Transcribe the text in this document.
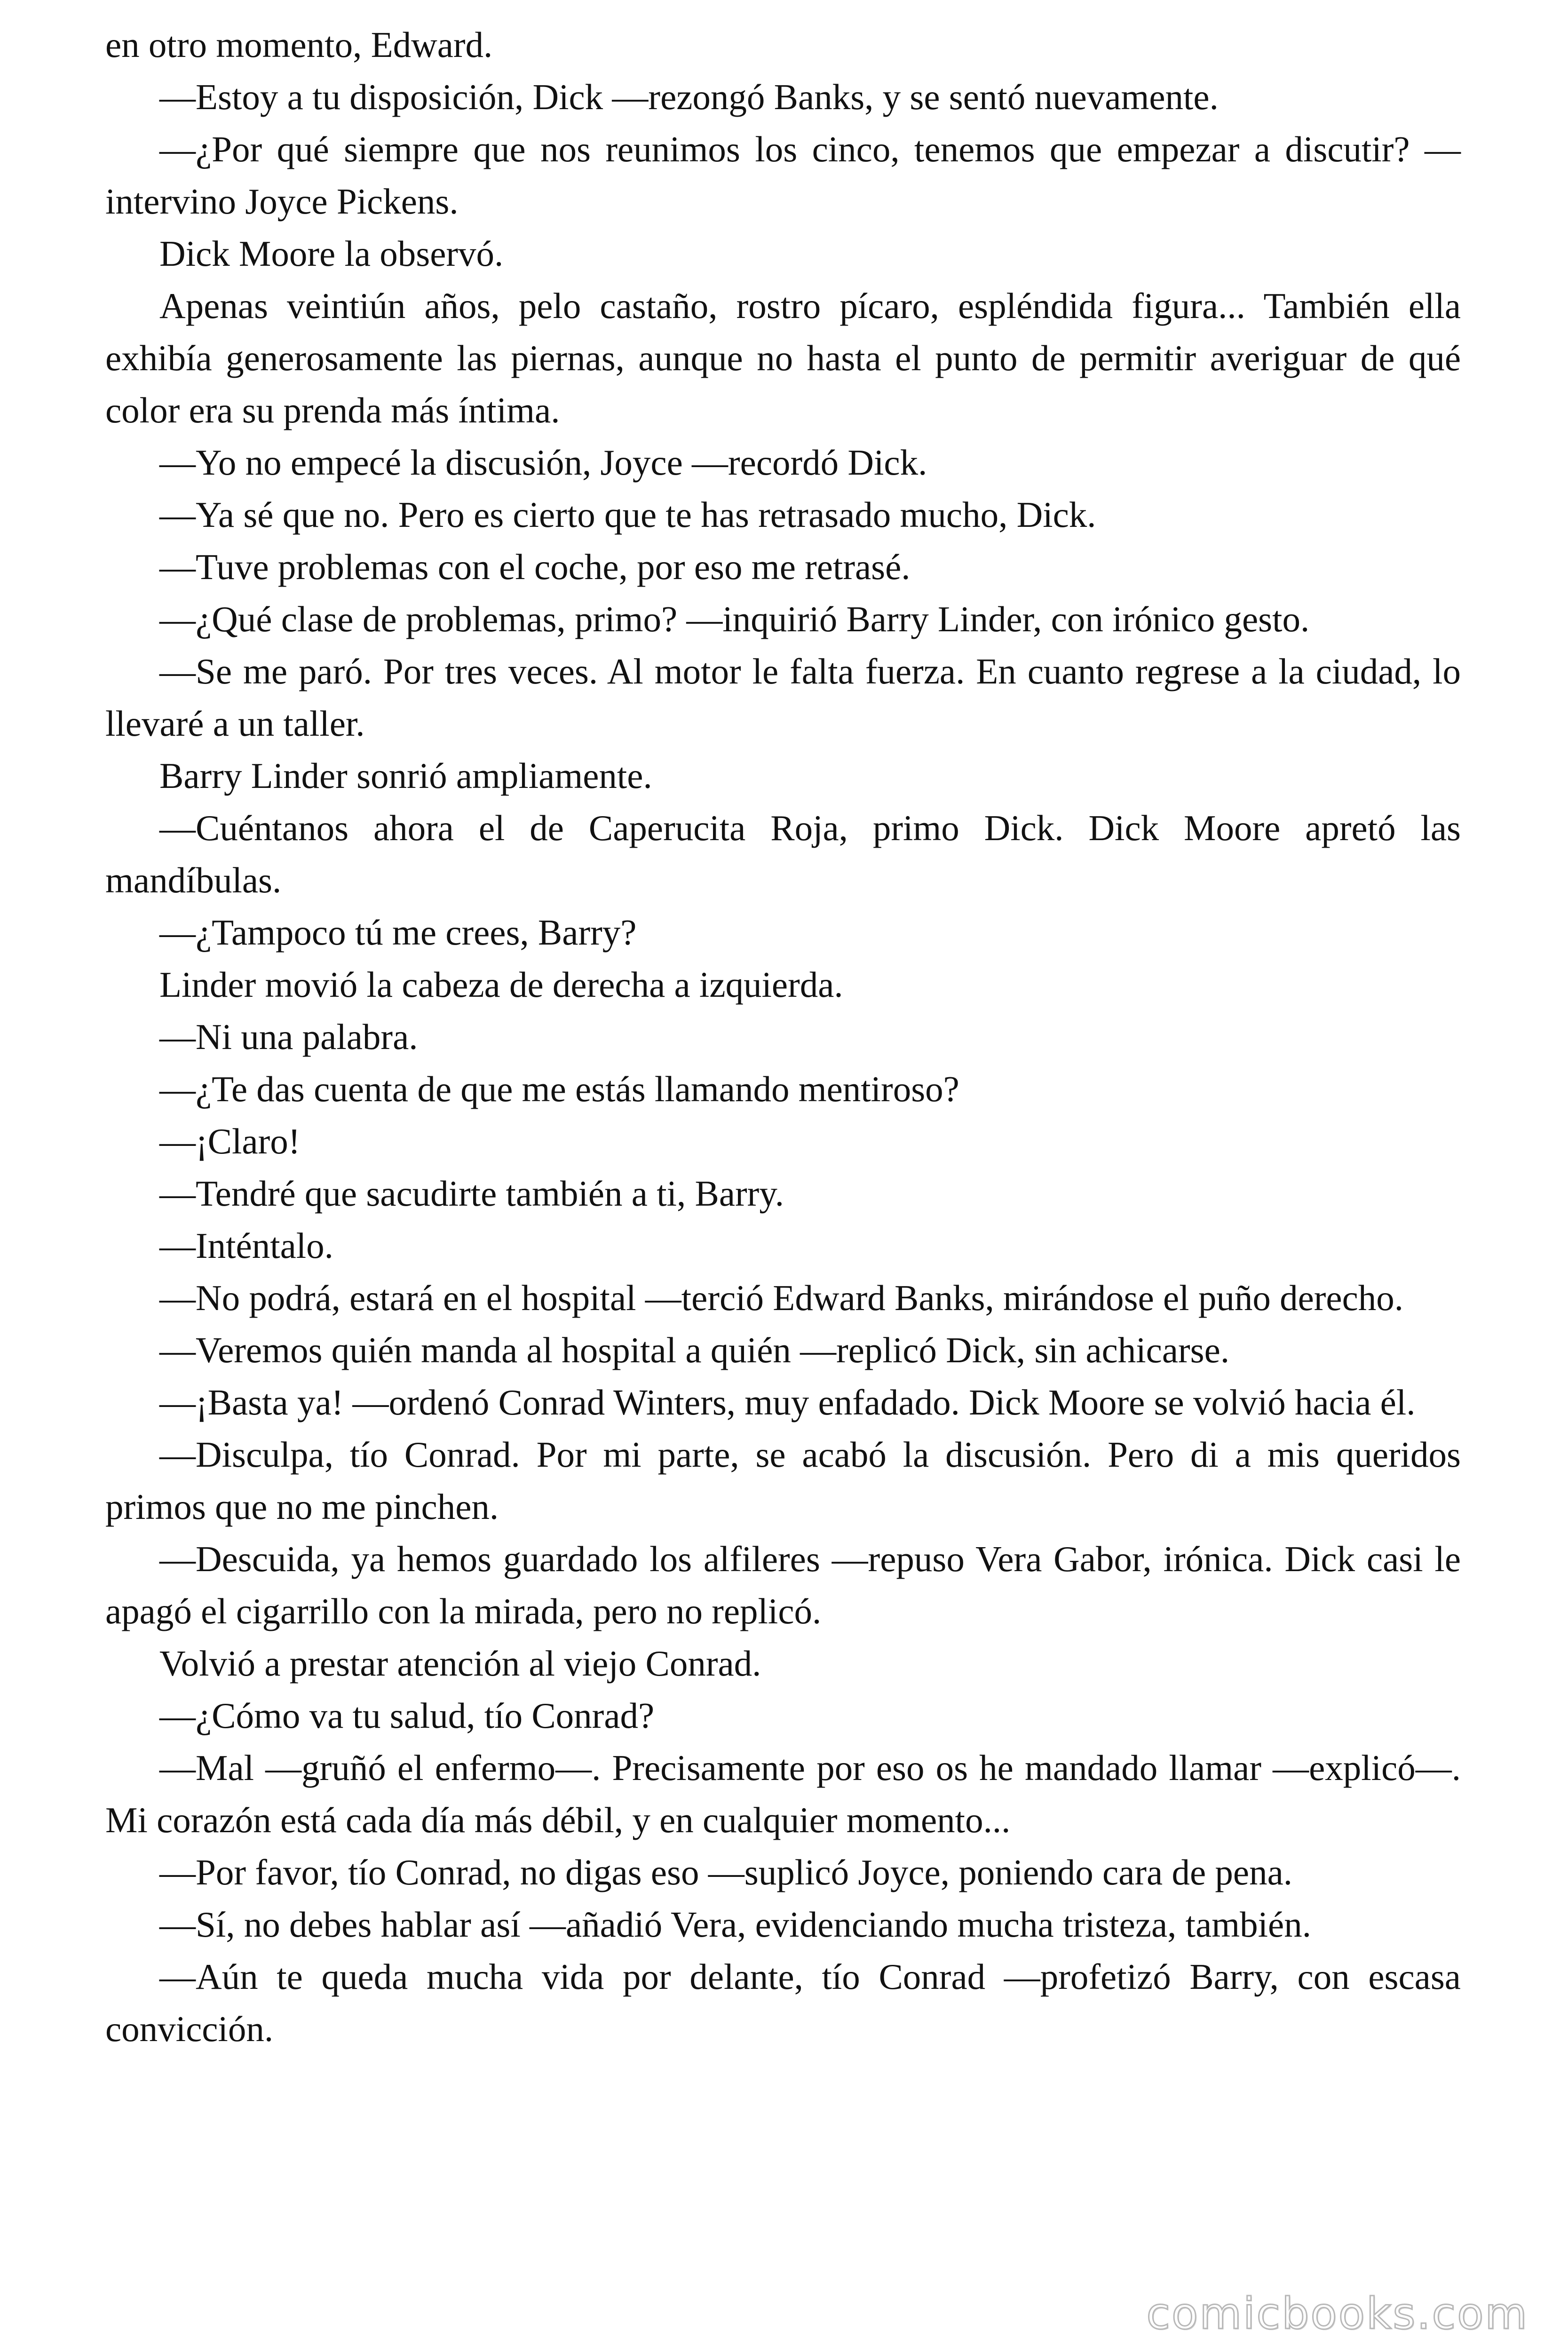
en otro momento, Edward.

—Estoy a tu disposición, Dick —rezongó Banks, y se sentó nuevamente.

—¿Por qué siempre que nos reunimos los cinco, tenemos que empezar a discutir? — intervino Joyce Pickens.

Dick Moore la observó.

Apenas veintiún años, pelo castaño, rostro pícaro, espléndida figura... También ella exhibía generosamente las piernas, aunque no hasta el punto de permitir averiguar de qué color era su prenda más íntima.

—Yo no empecé la discusión, Joyce —recordó Dick.

—Ya sé que no. Pero es cierto que te has retrasado mucho, Dick.

—Tuve problemas con el coche, por eso me retrasé.

—¿Qué clase de problemas, primo? —inquirió Barry Linder, con irónico gesto.

—Se me paró. Por tres veces. Al motor le falta fuerza. En cuanto regrese a la ciudad, lo llevaré a un taller.

Barry Linder sonrió ampliamente.

—Cuéntanos ahora el de Caperucita Roja, primo Dick. Dick Moore apretó las mandíbulas.

—¿Tampoco tú me crees, Barry?

Linder movió la cabeza de derecha a izquierda.

—Ni una palabra.

—¿Te das cuenta de que me estás llamando mentiroso?

—¡Claro!

—Tendré que sacudirte también a ti, Barry.

—Inténtalo.

—No podrá, estará en el hospital —terció Edward Banks, mirándose el puño derecho.

—Veremos quién manda al hospital a quién —replicó Dick, sin achicarse.

—¡Basta ya! —ordenó Conrad Winters, muy enfadado. Dick Moore se volvió hacia él.

—Disculpa, tío Conrad. Por mi parte, se acabó la discusión. Pero di a mis queridos primos que no me pinchen.

—Descuida, ya hemos guardado los alfileres —repuso Vera Gabor, irónica. Dick casi le apagó el cigarrillo con la mirada, pero no replicó.

Volvió a prestar atención al viejo Conrad.

—¿Cómo va tu salud, tío Conrad?

—Mal —gruñó el enfermo—. Precisamente por eso os he mandado llamar —explicó—. Mi corazón está cada día más débil, y en cualquier momento...

—Por favor, tío Conrad, no digas eso —suplicó Joyce, poniendo cara de pena.

—Sí, no debes hablar así —añadió Vera, evidenciando mucha tristeza, también.

—Aún te queda mucha vida por delante, tío Conrad —profetizó Barry, con escasa convicción.

comicbooks.com
